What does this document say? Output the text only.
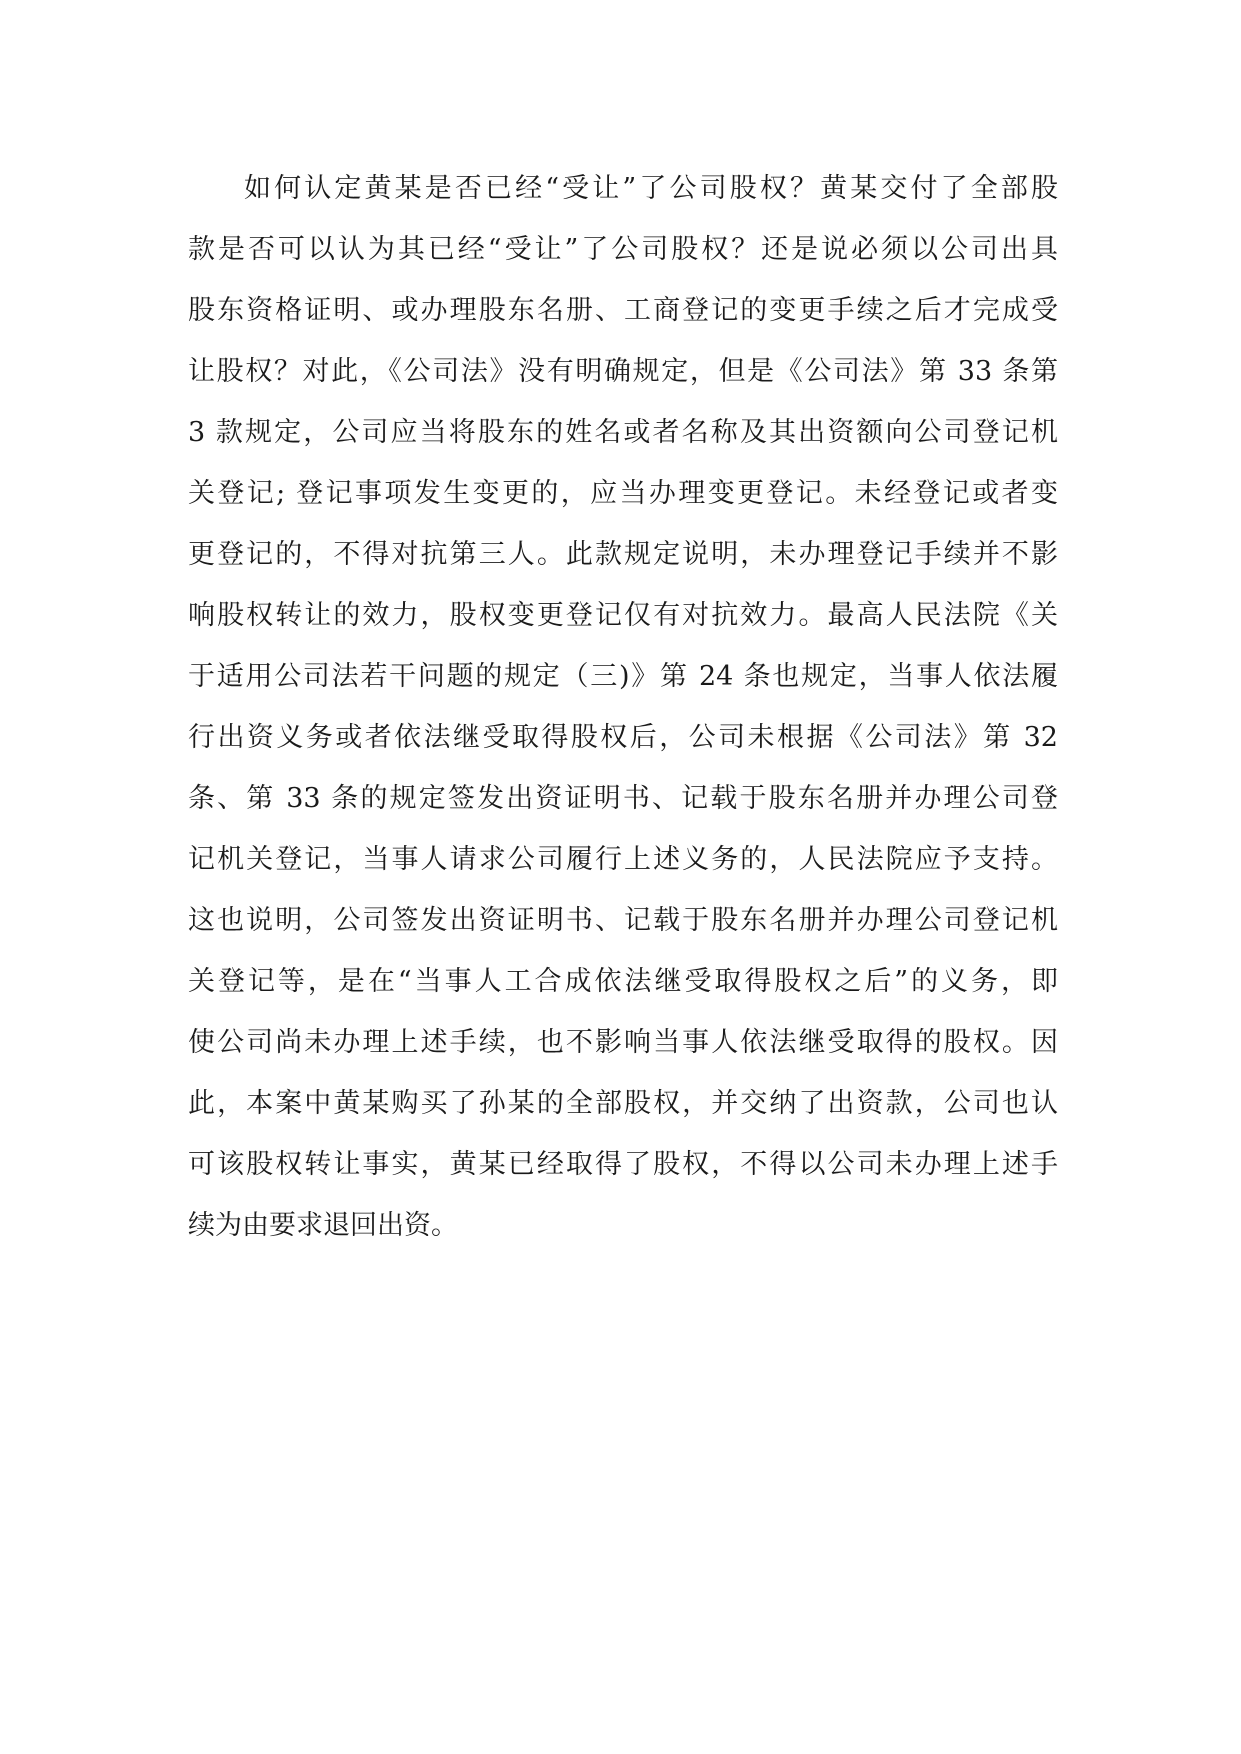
如何认定黄某是否已经“受让”了公司股权？黄某交付了全部股
款是否可以认为其已经“受让”了公司股权？还是说必须以公司出具
股东资格证明、或办理股东名册、工商登记的变更手续之后才完成受
让股权？对此，《公司法》没有明确规定，但是《公司法》第 33 条第
3 款规定，公司应当将股东的姓名或者名称及其出资额向公司登记机
关登记; 登记事项发生变更的，应当办理变更登记。未经登记或者变
更登记的，不得对抗第三人。此款规定说明，未办理登记手续并不影
响股权转让的效力，股权变更登记仅有对抗效力。最高人民法院《关
于适用公司法若干问题的规定（三)》第 24 条也规定，当事人依法履
行出资义务或者依法继受取得股权后，公司未根据《公司法》第 32
条、第 33 条的规定签发出资证明书、记载于股东名册并办理公司登
记机关登记，当事人请求公司履行上述义务的，人民法院应予支持。
这也说明，公司签发出资证明书、记载于股东名册并办理公司登记机
关登记等，是在“当事人工合成依法继受取得股权之后”的义务，即
使公司尚未办理上述手续，也不影响当事人依法继受取得的股权。因
此，本案中黄某购买了孙某的全部股权，并交纳了出资款，公司也认
可该股权转让事实，黄某已经取得了股权，不得以公司未办理上述手
续为由要求退回出资。
